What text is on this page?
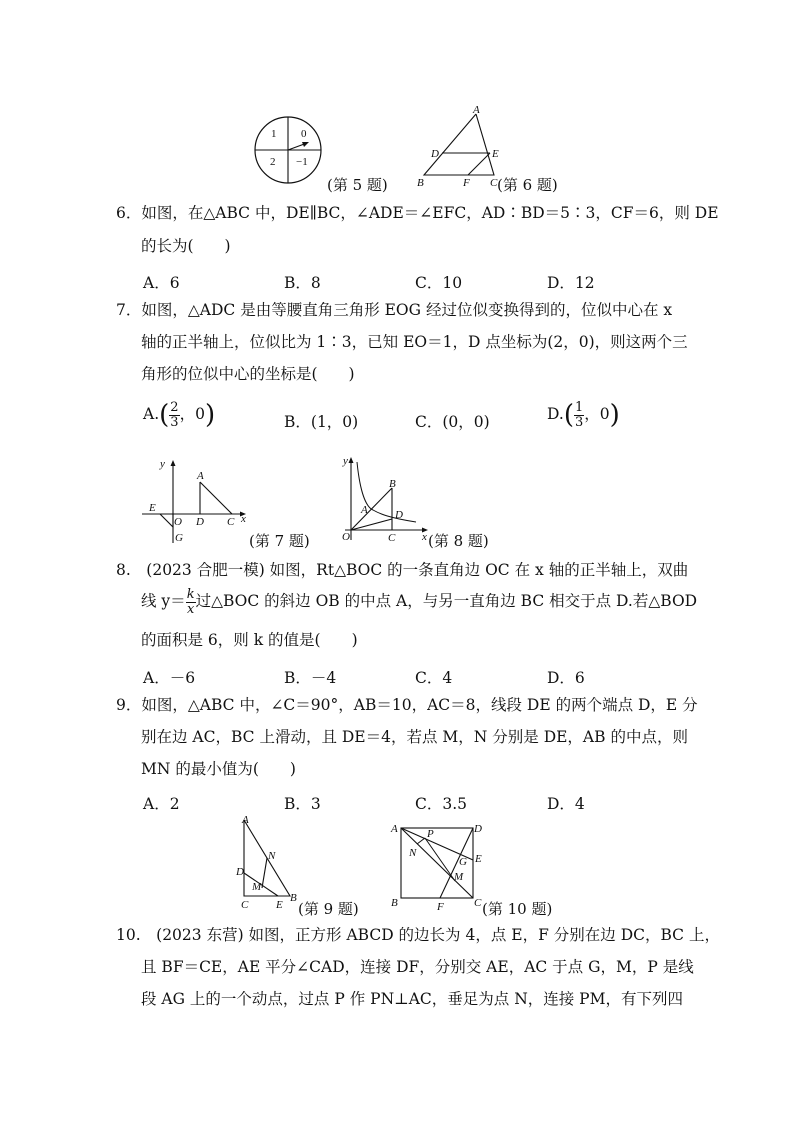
1 0
2 −1
(第 5 题)
A
D	E
B	F C (第 6 题)
6．如图，在△ABC 中，DE∥BC，∠ADE＝∠EFC，AD∶BD＝5∶3，CF＝6，则 DE
的长为(　　)
A．6	B．8	C．10	D．12
7．如图，△ADC 是由等腰直角三角形 EOG 经过位似变换得到的，位似中心在 x
轴的正半轴上，位似比为 1∶3，已知 EO＝1，D 点坐标为(2，0)，则这两个三
角形的位似中心的坐标是(　　)
$A.( \frac{2}{3}$ ，0)	B．(1，0)	C．(0，0)	$D.( \frac{1}{3}$ ，0)
y
x
A
E
O D C
G	(第 7 题)
y
x
B
A D
O	C (第 8 题)
8.　(2023 合肥一模) 如图，Rt△BOC 的一条直角边 OC 在 x 轴的正半轴上，双曲
线 $y= \frac{k}{x}$ 过△BOC 的斜边 OB 的中点 A，与另一直角边 BC 相交于点 D.若△BOD
的面积是 6，则 k 的值是(　　)
A．－6	B．－4	C．4	D．6
9．如图，△ABC 中，∠C＝90°，AB＝10，AC＝8，线段 DE 的两个端点 D，E 分
别在边 AC，BC 上滑动，且 DE＝4，若点 M，N 分别是 DE，AB 的中点，则
MN 的最小值为(　　)
A．2	B．3	C．3.5	D．4
A
N
D
M
C	E
B
(第 9 题)
A	P	D
N
G E
M
B	F	C (第 10 题)
10.　(2023 东营) 如图，正方形 ABCD 的边长为 4，点 E，F 分别在边 DC，BC 上，
且 BF＝CE，AE 平分∠CAD，连接 DF，分别交 AE，AC 于点 G，M，P 是线
段 AG 上的一个动点，过点 P 作 PN⊥AC，垂足为点 N，连接 PM，有下列四
